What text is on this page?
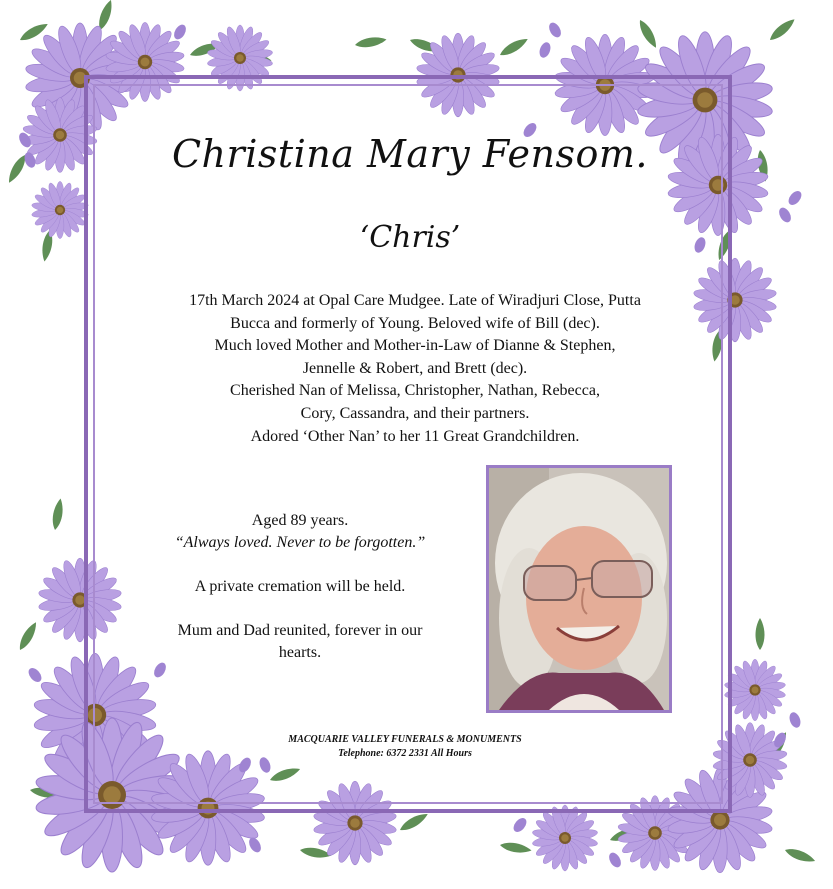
Christina Mary Fensom.
‘Chris’
17th March 2024 at Opal Care Mudgee. Late of Wiradjuri Close, Putta
Bucca and formerly of Young. Beloved wife of Bill (dec).
Much loved Mother and Mother-in-Law of Dianne & Stephen,
Jennelle & Robert, and Brett (dec).
Cherished Nan of Melissa, Christopher, Nathan, Rebecca,
Cory, Cassandra, and their partners.
Adored ‘Other Nan’ to her 11 Great Grandchildren.
Aged 89 years.
“Always loved. Never to be forgotten.”
A private cremation will be held.
Mum and Dad reunited, forever in our
hearts.
MACQUARIE VALLEY FUNERALS & MONUMENTS
Telephone: 6372 2331 All Hours
